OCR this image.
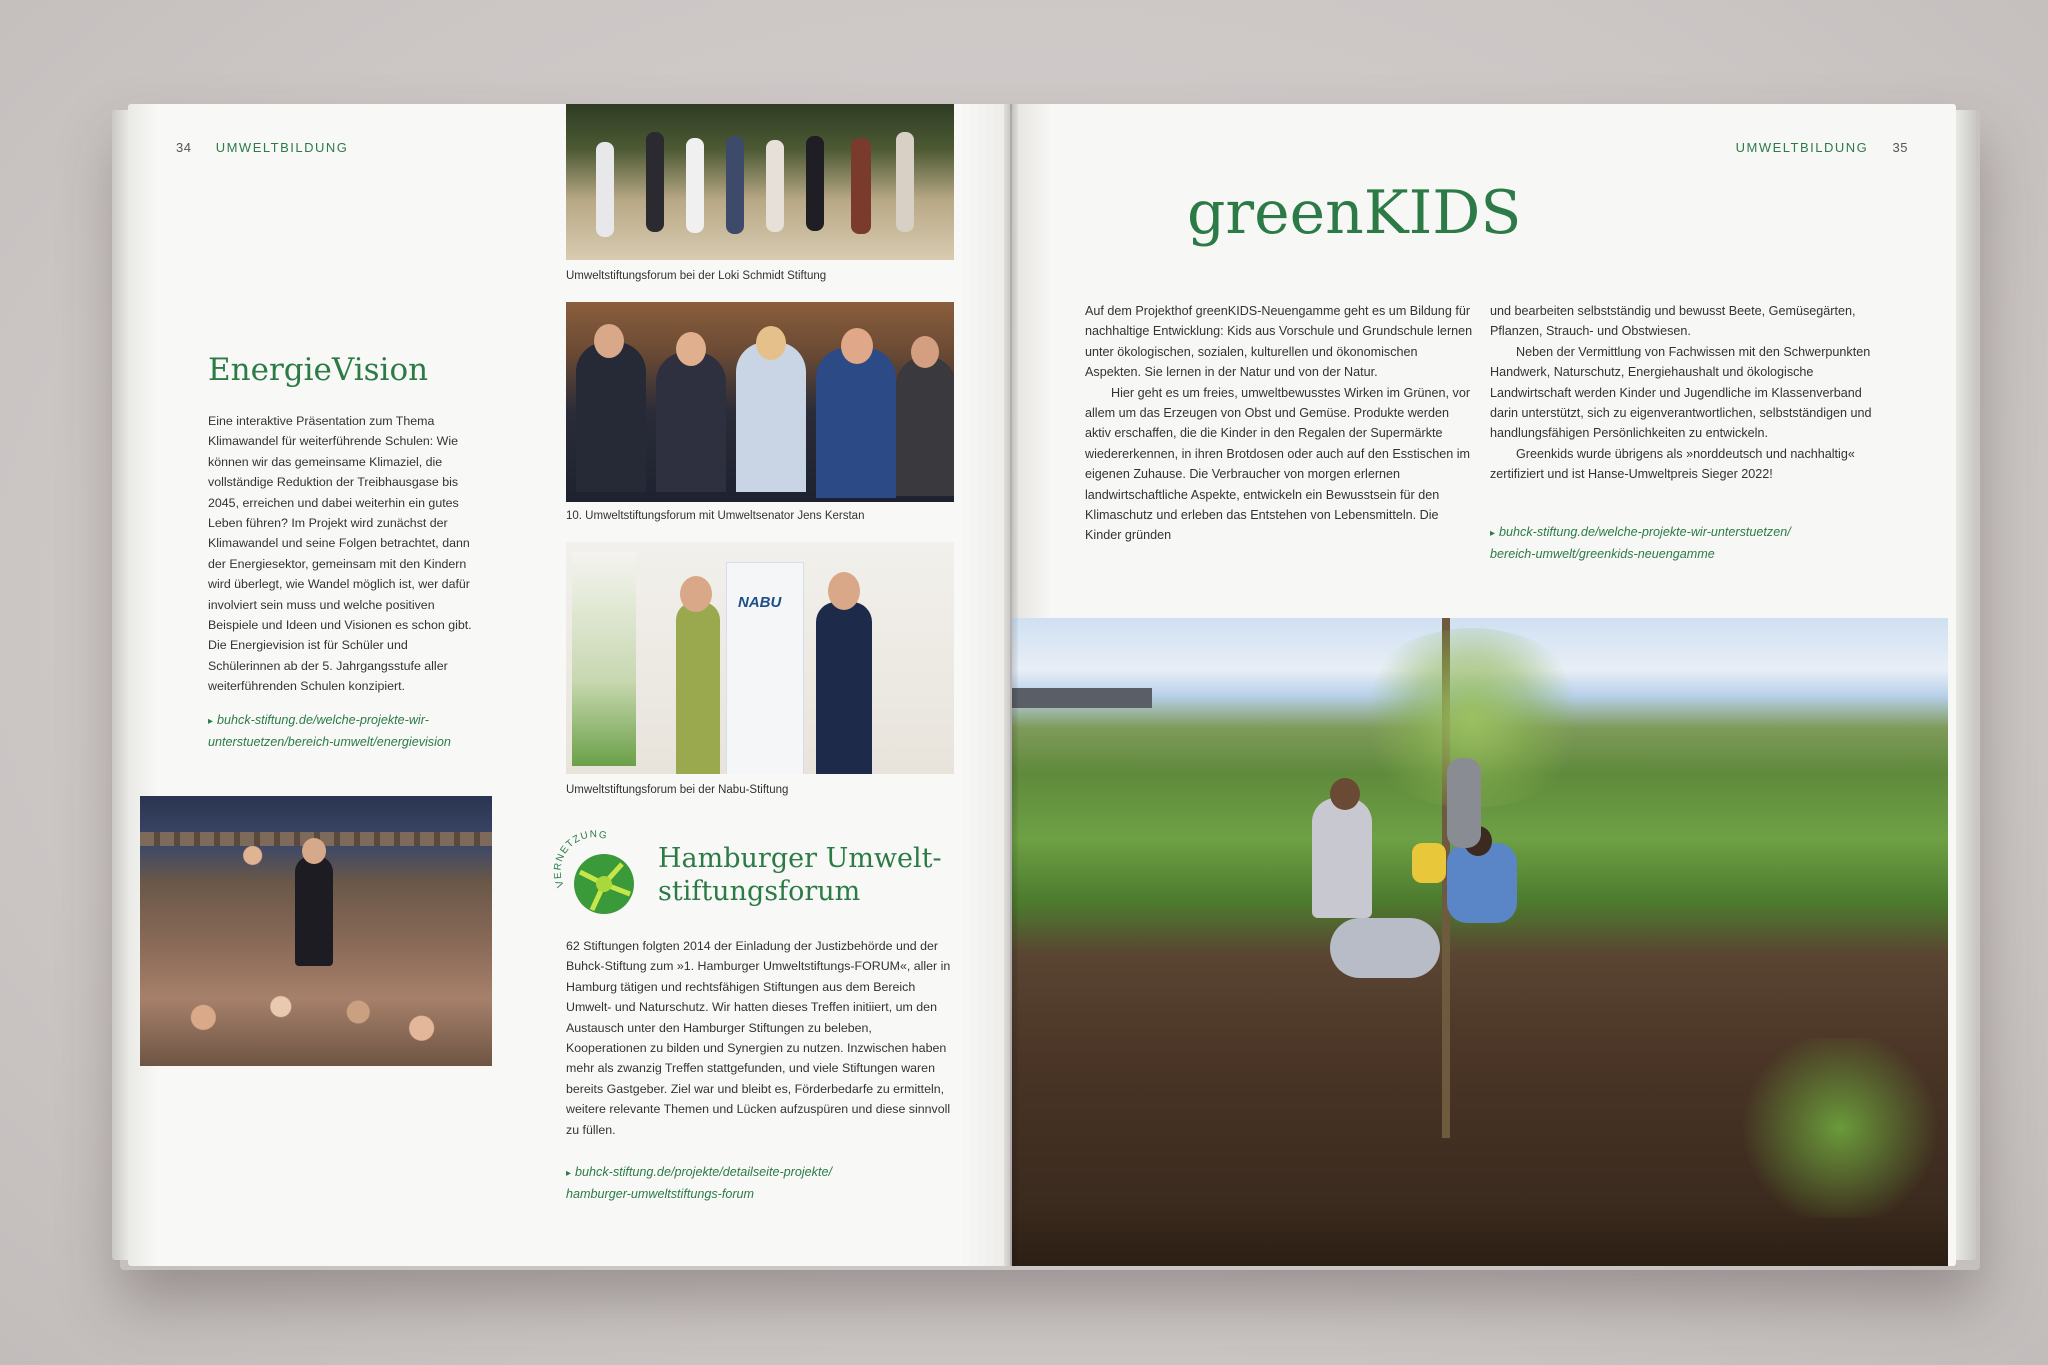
34 UMWELTBILDUNG
EnergieVision

Eine interaktive Präsentation zum Thema Klimawandel für weiterführende Schulen: Wie können wir das gemeinsame Klimaziel, die vollständige Reduktion der Treibhausgase bis 2045, erreichen und dabei weiterhin ein gutes Leben führen? Im Projekt wird zunächst der Klimawandel und seine Folgen betrachtet, dann der Energiesektor, gemeinsam mit den Kindern wird überlegt, wie Wandel möglich ist, wer dafür involviert sein muss und welche positiven Beispiele und Ideen und Visionen es schon gibt. Die Energievision ist für Schüler und Schülerinnen ab der 5. Jahrgangsstufe aller weiterführenden Schulen konzipiert.

▸ buhck-stiftung.de/welche-projekte-wir-
unterstuetzen/bereich-umwelt/energievision
Umweltstiftungsforum bei der Loki Schmidt Stiftung
10. Umweltstiftungsforum mit Umweltsenator Jens Kerstan
NABU
Umweltstiftungsforum bei der Nabu-Stiftung
VERNETZUNG
Hamburger Umwelt-
stiftungsforum

62 Stiftungen folgten 2014 der Einladung der Justizbehörde und der Buhck-Stiftung zum »1. Hamburger Umweltstiftungs-FORUM«, aller in Hamburg tätigen und rechtsfähigen Stiftungen aus dem Bereich Umwelt- und Naturschutz. Wir hatten dieses Treffen initiiert, um den Austausch unter den Hamburger Stiftungen zu beleben, Kooperationen zu bilden und Synergien zu nutzen. Inzwischen haben mehr als zwanzig Treffen stattgefunden, und viele Stiftungen waren bereits Gastgeber. Ziel war und bleibt es, Förderbedarfe zu ermitteln, weitere relevante Themen und Lücken aufzuspüren und diese sinnvoll zu füllen.

▸ buhck-stiftung.de/projekte/detailseite-projekte/
hamburger-umweltstiftungs-forum
UMWELTBILDUNG 35
greenKIDS

Auf dem Projekthof greenKIDS-Neuengamme geht es um Bildung für nachhaltige Entwicklung: Kids aus Vorschule und Grundschule lernen unter ökologischen, sozialen, kulturellen und ökonomischen Aspekten. Sie lernen in der Natur und von der Natur.

Hier geht es um freies, umweltbewusstes Wirken im Grünen, vor allem um das Erzeugen von Obst und Gemüse. Produkte werden aktiv erschaffen, die die Kinder in den Regalen der Supermärkte wiedererkennen, in ihren Brotdosen oder auch auf den Esstischen im eigenen Zuhause. Die Verbraucher von morgen erlernen landwirtschaftliche Aspekte, entwickeln ein Bewusstsein für den Klimaschutz und erleben das Entstehen von Lebensmitteln. Die Kinder gründen

und bearbeiten selbstständig und bewusst Beete, Gemüsegärten, Pflanzen, Strauch- und Obstwiesen.

Neben der Vermittlung von Fachwissen mit den Schwerpunkten Handwerk, Naturschutz, Energiehaushalt und ökologische Landwirtschaft werden Kinder und Jugendliche im Klassenverband darin unterstützt, sich zu eigenverantwortlichen, selbstständigen und handlungsfähigen Persönlichkeiten zu entwickeln.

Greenkids wurde übrigens als »norddeutsch und nachhaltig« zertifiziert und ist Hanse-Umweltpreis Sieger 2022!

▸ buhck-stiftung.de/welche-projekte-wir-unterstuetzen/
bereich-umwelt/greenkids-neuengamme
